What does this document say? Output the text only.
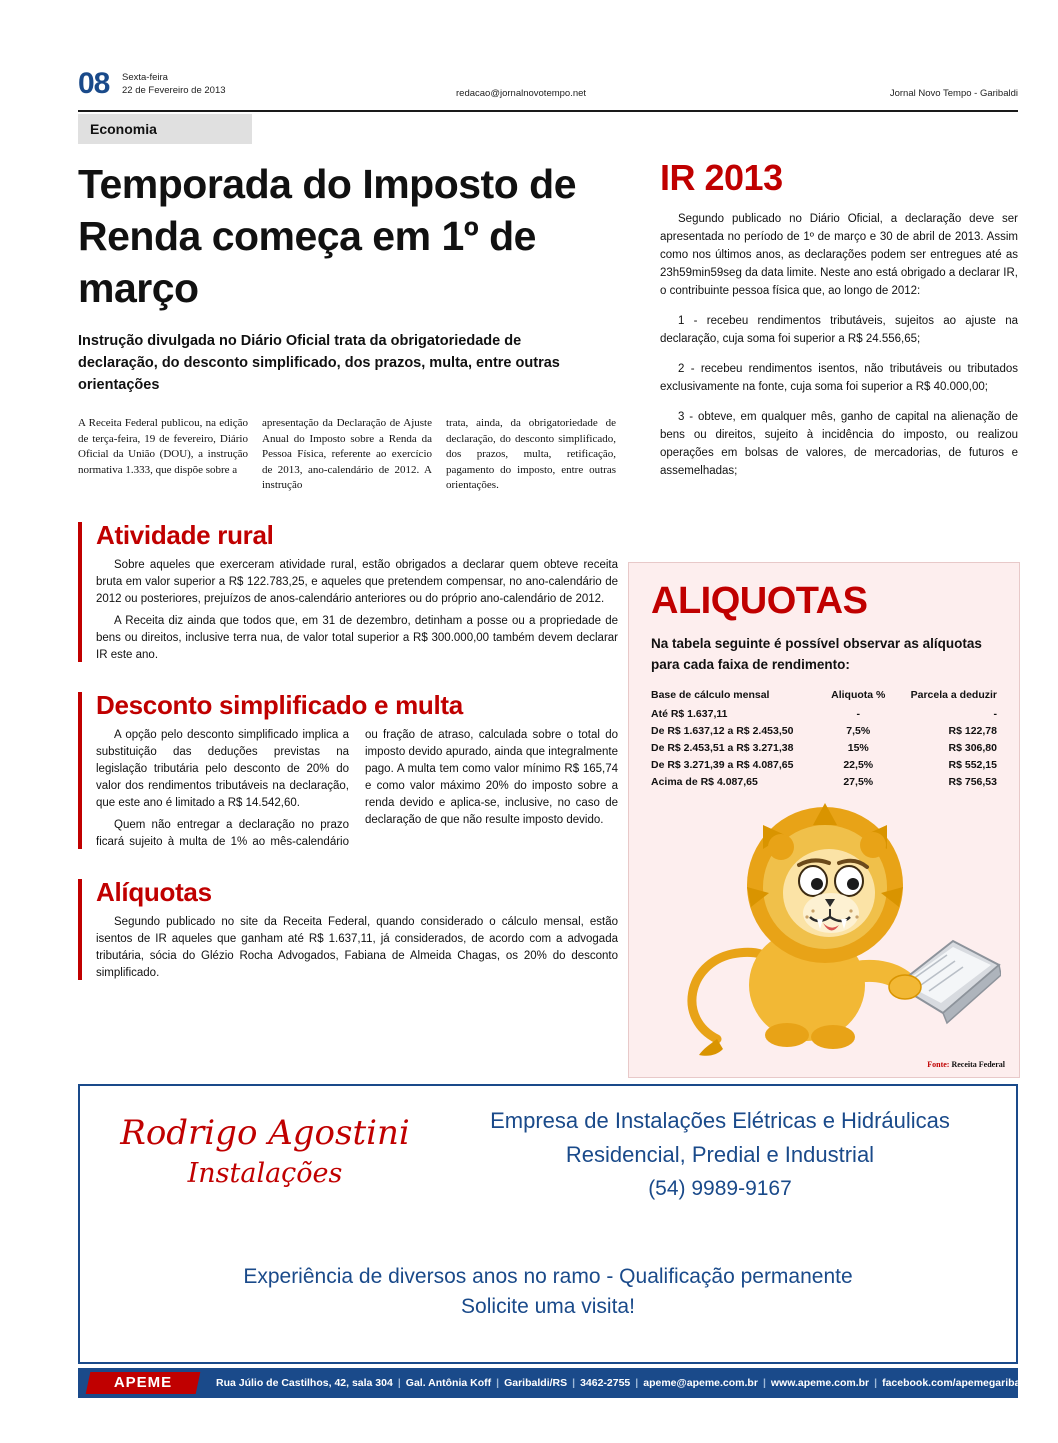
08 Sexta-feira
22 de Fevereiro de 2013	redacao@jornalnovotempo.net	Jornal Novo Tempo - Garibaldi
Economia
Temporada do Imposto de Renda começa em 1º de março
Instrução divulgada no Diário Oficial trata da obrigatoriedade de declaração, do desconto simplificado, dos prazos, multa, entre outras orientações

A Receita Federal publicou, na edição de terça-feira, 19 de fevereiro, Diário Oficial da União (DOU), a instrução normativa 1.333, que dispõe sobre a

apresentação da Declaração de Ajuste Anual do Imposto sobre a Renda da Pessoa Física, referente ao exercício de 2013, ano-calendário de 2012. A instrução

trata, ainda, da obrigatoriedade de declaração, do desconto simplificado, dos prazos, multa, retificação, pagamento do imposto, entre outras orientações.

Atividade rural

Sobre aqueles que exerceram atividade rural, estão obrigados a declarar quem obteve receita bruta em valor superior a R$ 122.783,25, e aqueles que pretendem compensar, no ano-calendário de 2012 ou posteriores, prejuízos de anos-calendário anteriores ou do próprio ano-calendário de 2012.

A Receita diz ainda que todos que, em 31 de dezembro, detinham a posse ou a propriedade de bens ou direitos, inclusive terra nua, de valor total superior a R$ 300.000,00 também devem declarar IR este ano.

Desconto simplificado e multa

A opção pelo desconto simplificado implica a substituição das deduções previstas na legislação tributária pelo desconto de 20% do valor dos rendimentos tributáveis na declaração, que este ano é limitado a R$ 14.542,60.

Quem não entregar a declaração no prazo ficará sujeito à multa de 1% ao mês-calendário ou fração de atraso, calculada sobre o total do imposto devido apurado, ainda que integralmente pago. A multa tem como valor mínimo R$ 165,74 e como valor máximo 20% do imposto sobre a renda devido e aplica-se, inclusive, no caso de declaração de que não resulte imposto devido.

Alíquotas

Segundo publicado no site da Receita Federal, quando considerado o cálculo mensal, estão isentos de IR aqueles que ganham até R$ 1.637,11, já considerados, de acordo com a advogada tributária, sócia do Glézio Rocha Advogados, Fabiana de Almeida Chagas, os 20% do desconto simplificado.

IR 2013

Segundo publicado no Diário Oficial, a declaração deve ser apresentada no período de 1º de março e 30 de abril de 2013. Assim como nos últimos anos, as declarações podem ser entregues até as 23h59min59seg da data limite. Neste ano está obrigado a declarar IR, o contribuinte pessoa física que, ao longo de 2012:

1 - recebeu rendimentos tributáveis, sujeitos ao ajuste na declaração, cuja soma foi superior a R$ 24.556,65;

2 - recebeu rendimentos isentos, não tributáveis ou tributados exclusivamente na fonte, cuja soma foi superior a R$ 40.000,00;

3 - obteve, em qualquer mês, ganho de capital na alienação de bens ou direitos, sujeito à incidência do imposto, ou realizou operações em bolsas de valores, de mercadorias, de futuros e assemelhadas;

ALIQUOTAS
Na tabela seguinte é possível observar as alíquotas para cada faixa de rendimento:
Base de cálculo mensal	Aliquota %	Parcela a deduzir
Até R$ 1.637,11	-	-
De R$ 1.637,12 a R$ 2.453,50	7,5%	R$ 122,78
De R$ 2.453,51 a R$ 3.271,38	15%	R$ 306,80
De R$ 3.271,39 a R$ 4.087,65	22,5%	R$ 552,15
Acima de R$ 4.087,65	27,5%	R$ 756,53
Fonte: Receita Federal
Rodrigo Agostini
Instalações
Empresa de Instalações Elétricas e Hidráulicas
Residencial, Predial e Industrial
(54) 9989-9167
Experiência de diversos anos no ramo - Qualificação permanente
Solicite uma visita!
APEME	Rua Júlio de Castilhos, 42, sala 304 | Gal. Antônia Koff | Garibaldi/RS | 3462-2755 | apeme@apeme.com.br | www.apeme.com.br | facebook.com/apemegaribaldi
